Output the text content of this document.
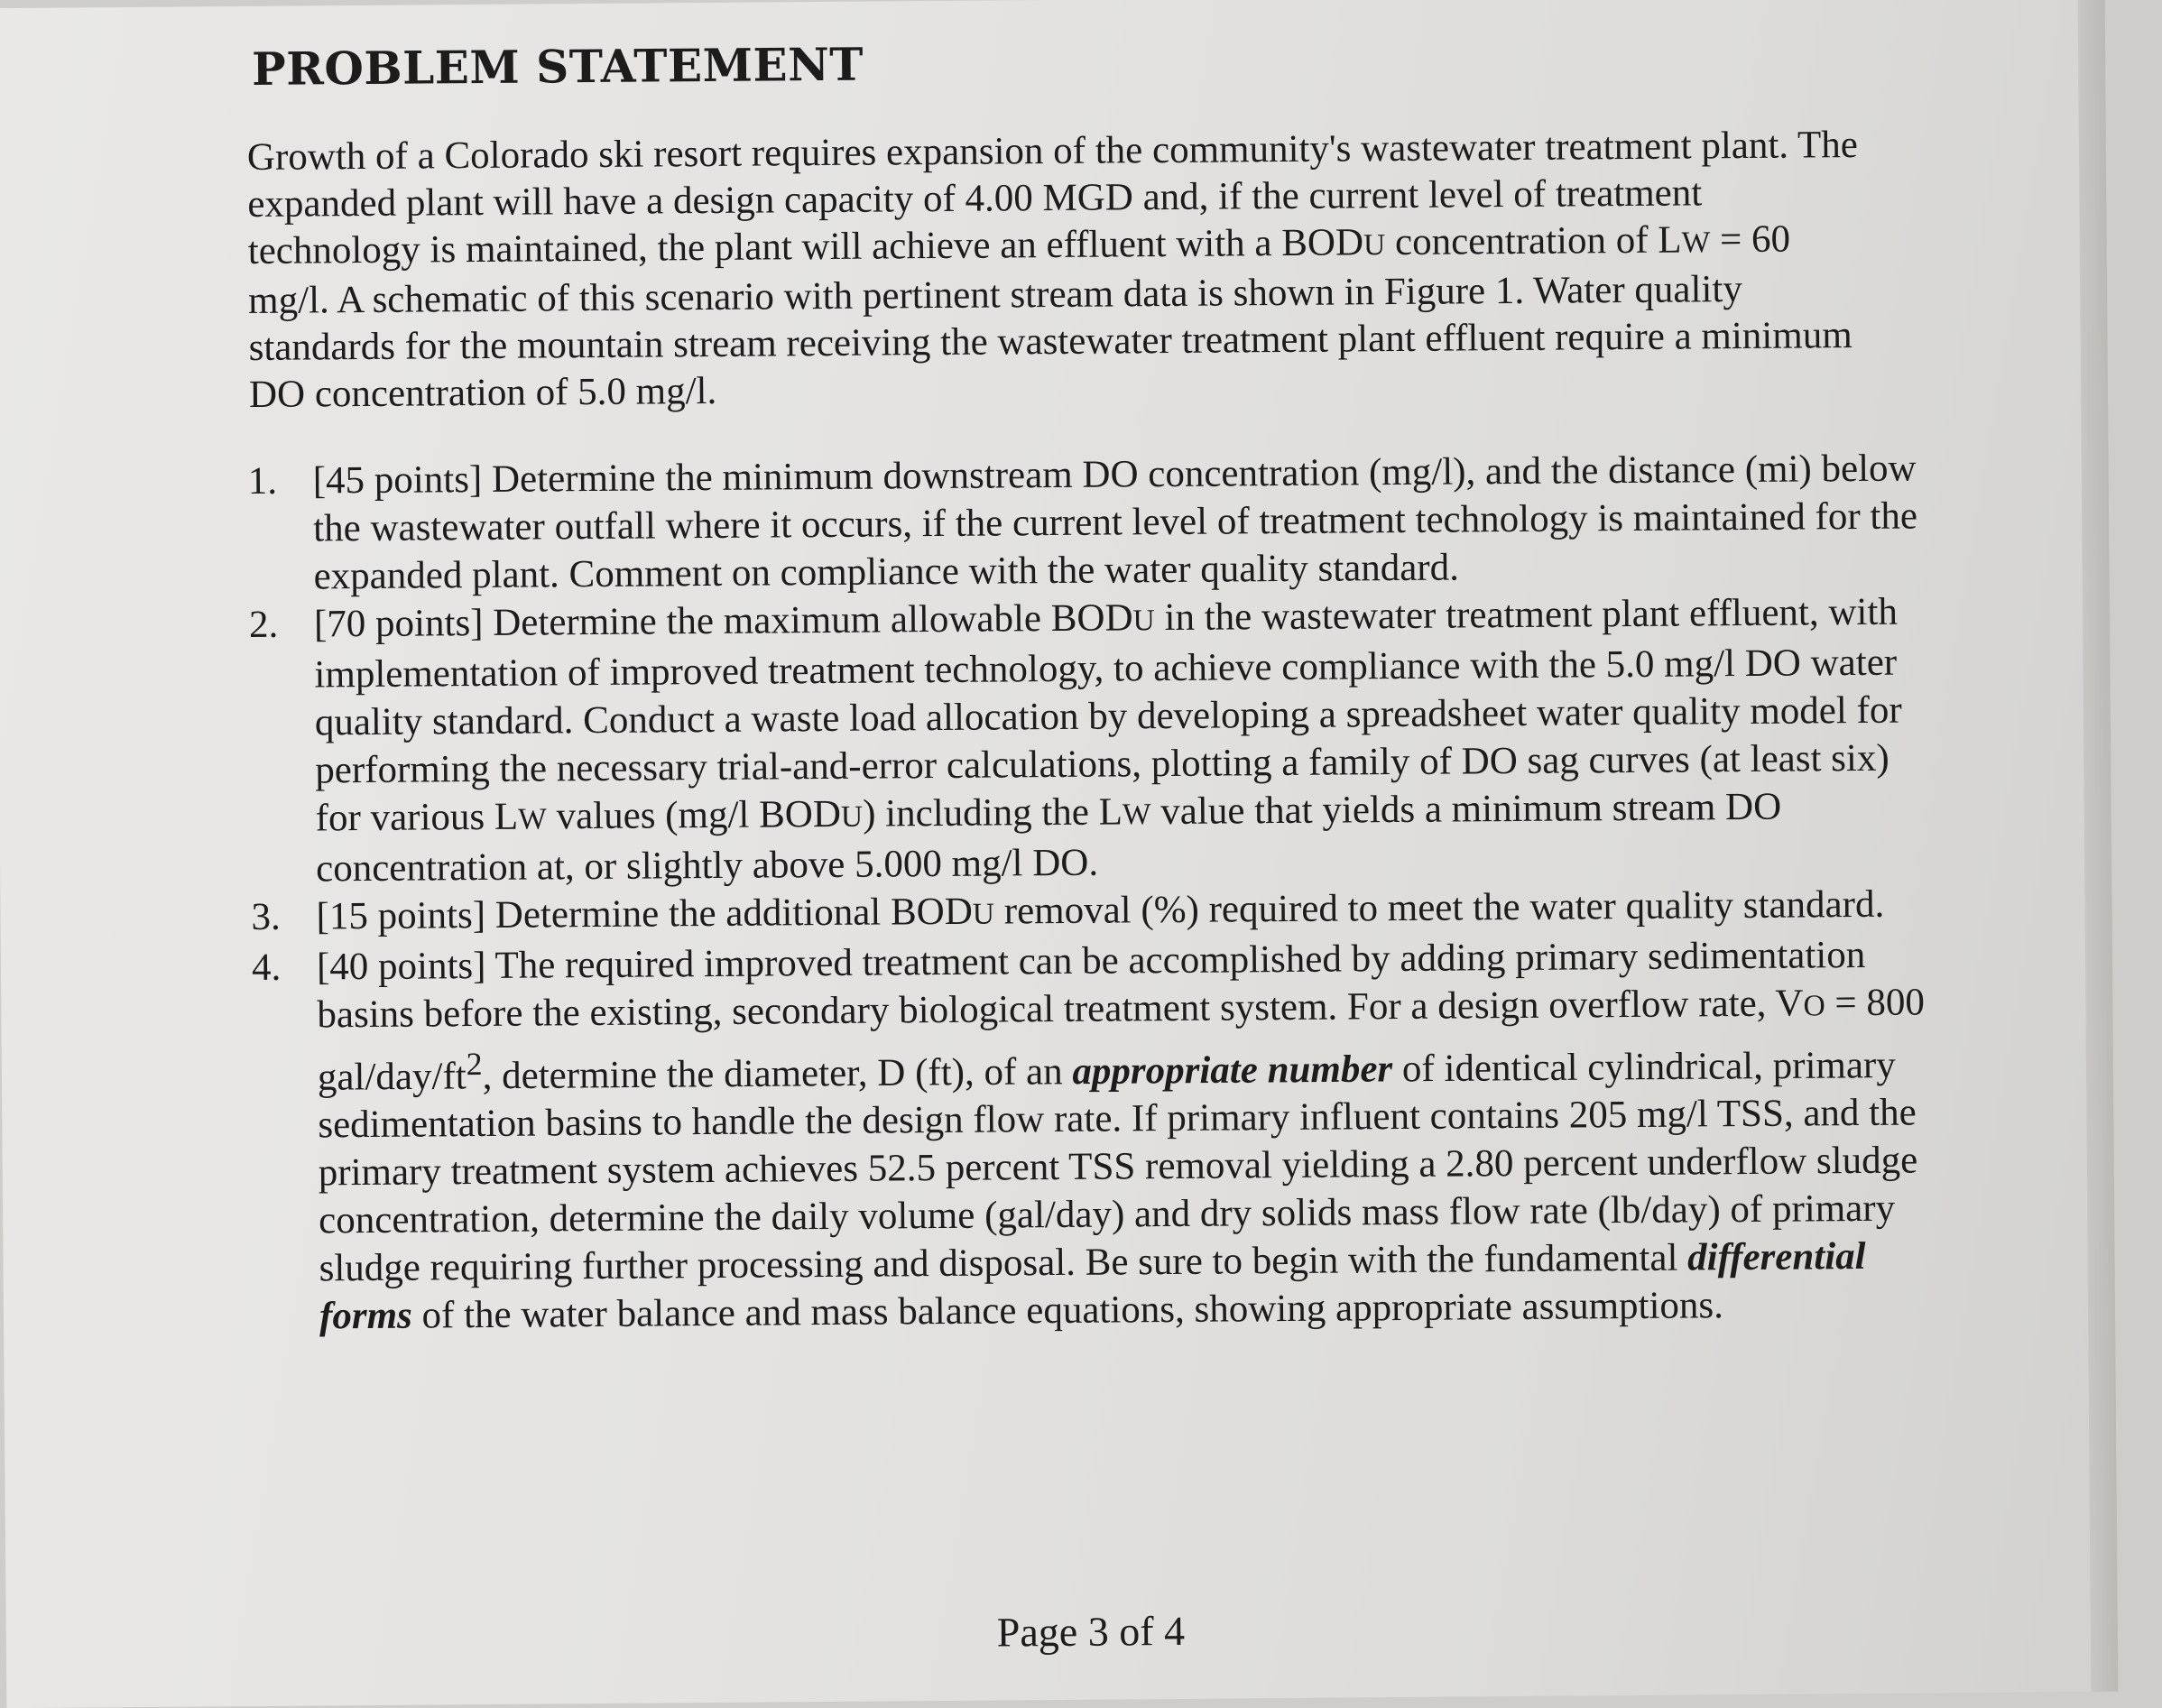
PROBLEM STATEMENT

Growth of a Colorado ski resort requires expansion of the community's wastewater treatment plant. The expanded plant will have a design capacity of 4.00 MGD and, if the current level of treatment technology is maintained, the plant will achieve an effluent with a BODU concentration of LW = 60 mg/l. A schematic of this scenario with pertinent stream data is shown in Figure 1. Water quality standards for the mountain stream receiving the wastewater treatment plant effluent require a minimum DO concentration of 5.0 mg/l.

1. [45 points] Determine the minimum downstream DO concentration (mg/l), and the distance (mi) below the wastewater outfall where it occurs, if the current level of treatment technology is maintained for the expanded plant. Comment on compliance with the water quality standard.
2. [70 points] Determine the maximum allowable BODU in the wastewater treatment plant effluent, with implementation of improved treatment technology, to achieve compliance with the 5.0 mg/l DO water quality standard. Conduct a waste load allocation by developing a spreadsheet water quality model for performing the necessary trial-and-error calculations, plotting a family of DO sag curves (at least six) for various LW values (mg/l BODU) including the LW value that yields a minimum stream DO concentration at, or slightly above 5.000 mg/l DO.
3. [15 points] Determine the additional BODU removal (%) required to meet the water quality standard.
4. [40 points] The required improved treatment can be accomplished by adding primary sedimentation basins before the existing, secondary biological treatment system. For a design overflow rate, VO = 800 gal/$day/ft^2$, determine the diameter, D (ft), of an appropriate number of identical cylindrical, primary sedimentation basins to handle the design flow rate. If primary influent contains 205 mg/l TSS, and the primary treatment system achieves 52.5 percent TSS removal yielding a 2.80 percent underflow sludge concentration, determine the daily volume (gal/day) and dry solids mass flow rate (lb/day) of primary sludge requiring further processing and disposal. Be sure to begin with the fundamental differential forms of the water balance and mass balance equations, showing appropriate assumptions.

Page 3 of 4
